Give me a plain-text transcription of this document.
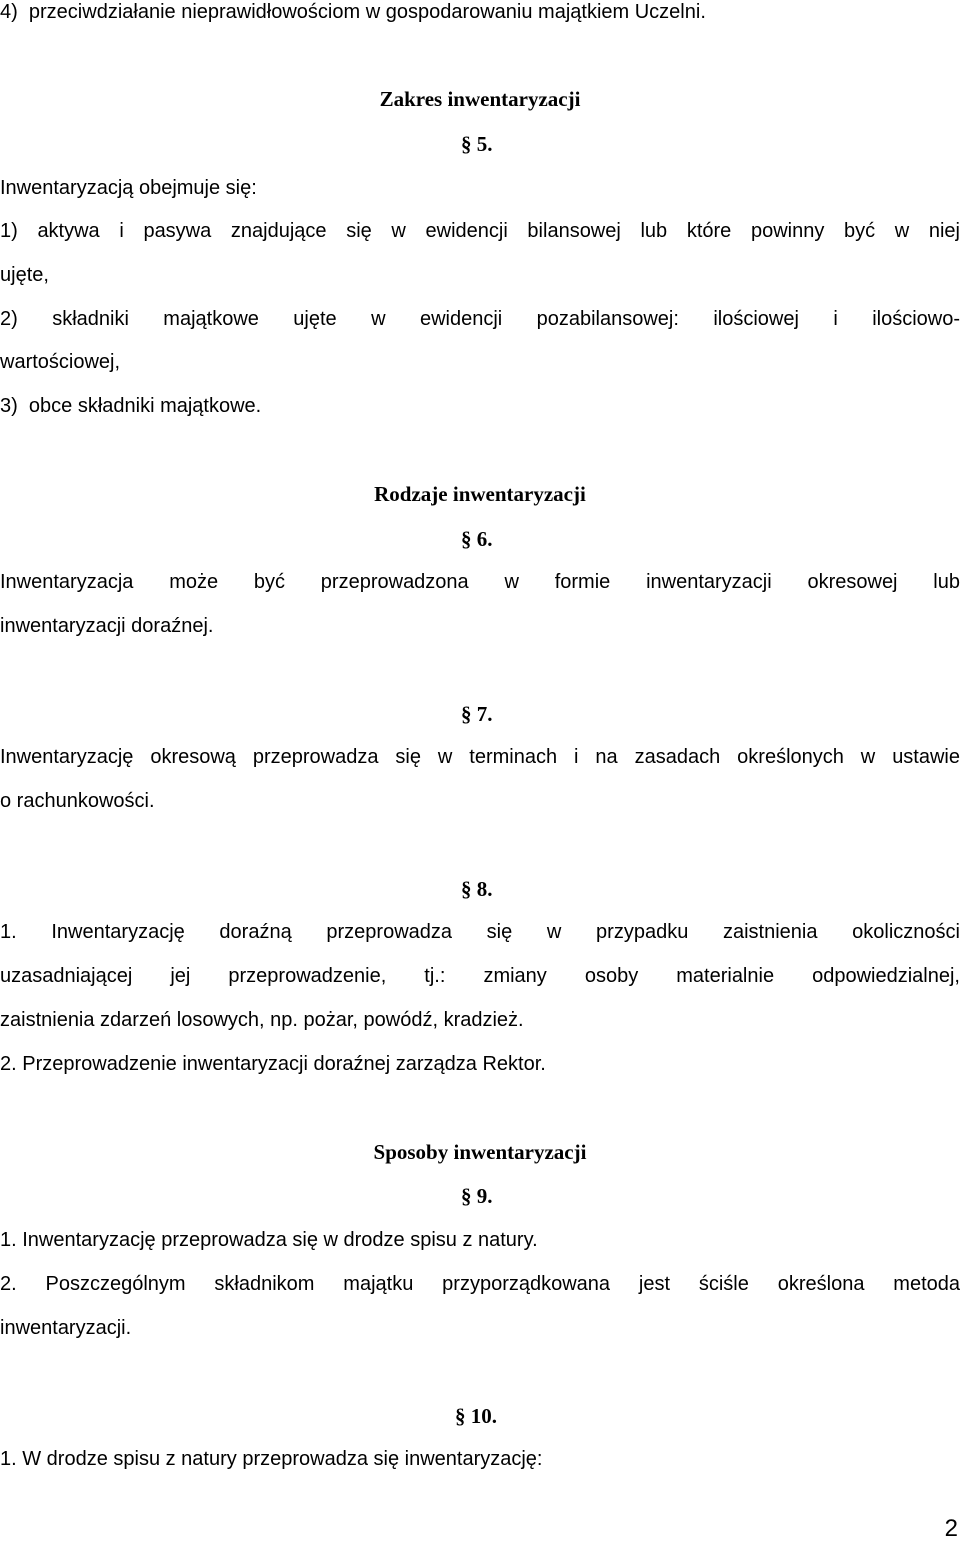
4)  przeciwdziałanie nieprawidłowościom w gospodarowaniu majątkiem Uczelni.
Zakres inwentaryzacji
§ 5.
Inwentaryzacją obejmuje się:
1) aktywa i pasywa znajdujące się w ewidencji bilansowej lub które powinny być w niej
ujęte,
2) składniki majątkowe ujęte w ewidencji pozabilansowej: ilościowej i ilościowo-
wartościowej,
3)  obce składniki majątkowe.
Rodzaje inwentaryzacji
§ 6.
Inwentaryzacja może być przeprowadzona w formie inwentaryzacji okresowej lub
inwentaryzacji doraźnej.
§ 7.
Inwentaryzację okresową przeprowadza się w terminach i na zasadach określonych w ustawie
o rachunkowości.
§ 8.
1. Inwentaryzację doraźną przeprowadza się w przypadku zaistnienia okoliczności
uzasadniającej jej przeprowadzenie, tj.: zmiany osoby materialnie odpowiedzialnej,
zaistnienia zdarzeń losowych, np. pożar, powódź, kradzież.
2. Przeprowadzenie inwentaryzacji doraźnej zarządza Rektor.
Sposoby inwentaryzacji
§ 9.
1. Inwentaryzację przeprowadza się w drodze spisu z natury.
2. Poszczególnym składnikom majątku przyporządkowana jest ściśle określona metoda
inwentaryzacji.
§ 10.
1. W drodze spisu z natury przeprowadza się inwentaryzację:
2
